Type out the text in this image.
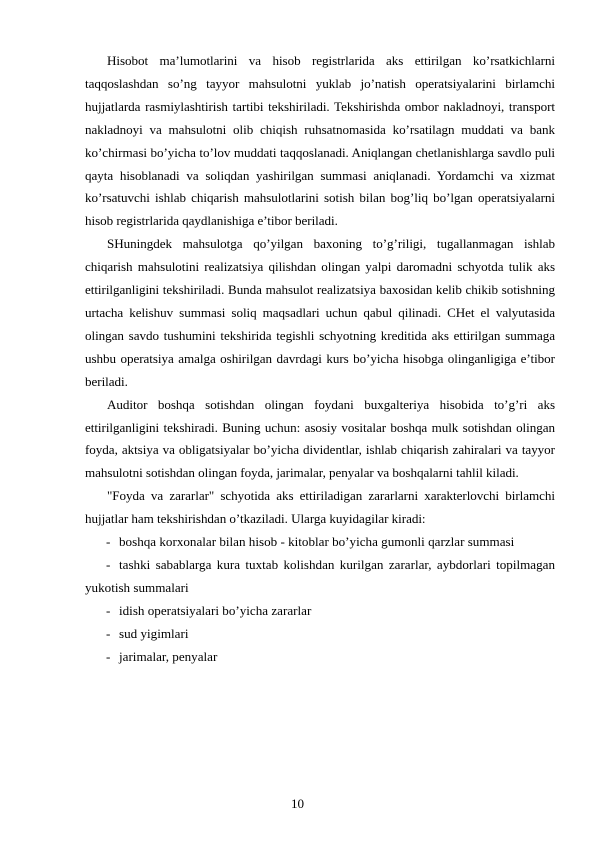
Hisobot ma’lumotlarini va hisob registrlarida aks ettirilgan ko’rsatkichlarni taqqoslashdan so’ng tayyor mahsulotni yuklab jo’natish operatsiyalarini birlamchi hujjatlarda rasmiylashtirish tartibi tekshiriladi. Tekshirishda ombor nakladnoyi, transport nakladnoyi va mahsulotni olib chiqish ruhsatnomasida ko’rsatilagn muddati va bank ko’chirmasi bo’yicha to’lov muddati taqqoslanadi. Aniqlangan chetlanishlarga savdlo puli qayta hisoblanadi va soliqdan yashirilgan summasi aniqlanadi. Yordamchi va xizmat ko’rsatuvchi ishlab chiqarish mahsulotlarini sotish bilan bog’liq bo’lgan operatsiyalarni hisob registrlarida qaydlanishiga e’tibor beriladi.

SHuningdek mahsulotga qo’yilgan baxoning to’g’riligi, tugallanmagan ishlab chiqarish mahsulotini realizatsiya qilishdan olingan yalpi daromadni schyotda tulik aks ettirilganligini tekshiriladi. Bunda mahsulot realizatsiya baxosidan kelib chikib sotishning urtacha kelishuv summasi soliq maqsadlari uchun qabul qilinadi. CHet el valyutasida olingan savdo tushumini tekshirida tegishli schyotning kreditida aks ettirilgan summaga ushbu operatsiya amalga oshirilgan davrdagi kurs bo’yicha hisobga olinganligiga e’tibor beriladi.

Auditor boshqa sotishdan olingan foydani buxgalteriya hisobida to’g’ri aks ettirilganligini tekshiradi. Buning uchun: asosiy vositalar boshqa mulk sotishdan olingan foyda, aktsiya va obligatsiyalar bo’yicha dividentlar, ishlab chiqarish zahiralari va tayyor mahsulotni sotishdan olingan foyda, jarimalar, penyalar va boshqalarni tahlil kiladi.

"Foyda va zararlar" schyotida aks ettiriladigan zararlarni xarakterlovchi birlamchi hujjatlar ham tekshirishdan o’tkaziladi. Ularga kuyidagilar kiradi:

- boshqa korxonalar bilan hisob - kitoblar bo’yicha gumonli qarzlar summasi

- tashki sabablarga kura tuxtab kolishdan kurilgan zararlar, aybdorlari topilmagan yukotish summalari

- idish operatsiyalari bo’yicha zararlar

- sud yigimlari

- jarimalar, penyalar

10
